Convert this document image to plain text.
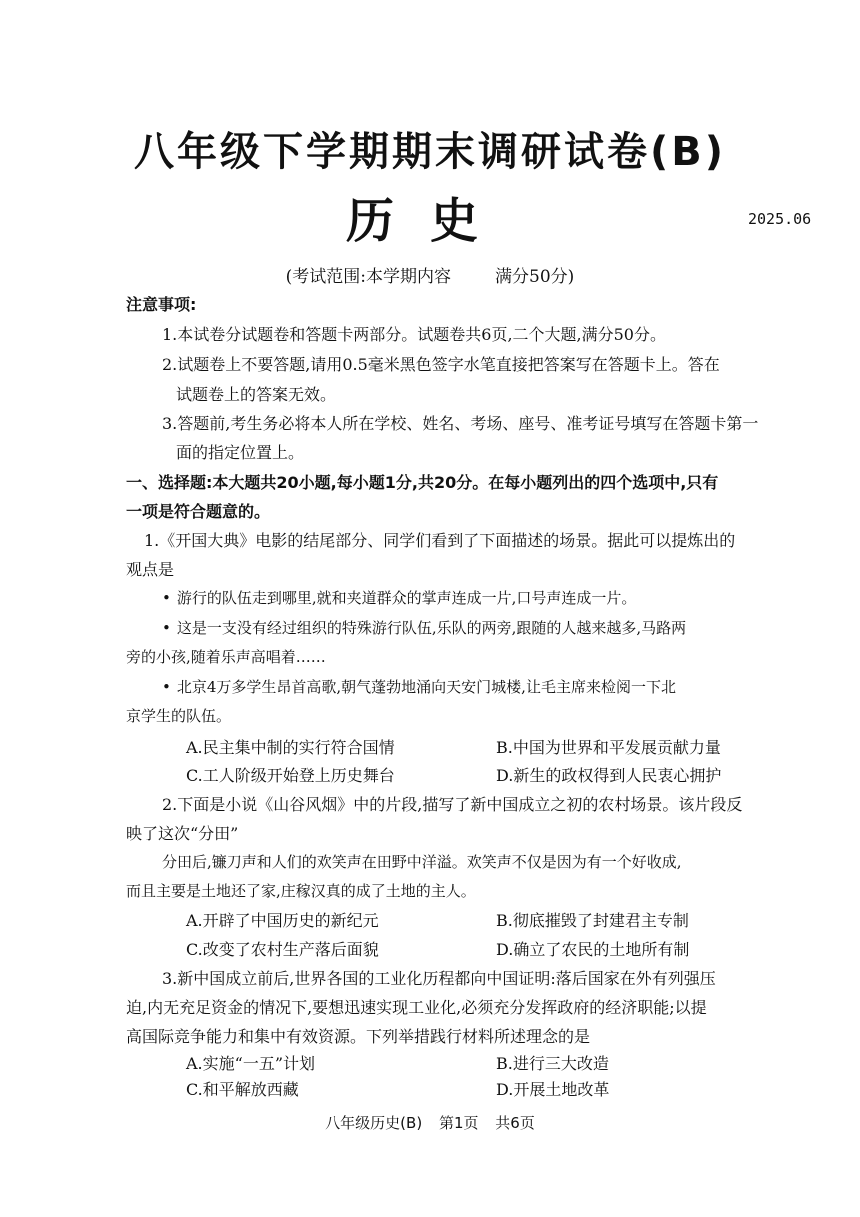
八年级下学期期末调研试卷(B)
历史	2025.06
(考试范围:本学期内容	满分50分)
注意事项:
1.本试卷分试题卷和答题卡两部分。试题卷共6页,二个大题,满分50分。
2.试题卷上不要答题,请用0.5毫米黑色签字水笔直接把答案写在答题卡上。答在
试题卷上的答案无效。
3.答题前,考生务必将本人所在学校、姓名、考场、座号、准考证号填写在答题卡第一
面的指定位置上。
一、选择题:本大题共20小题,每小题1分,共20分。在每小题列出的四个选项中,只有
一项是符合题意的。
1.《开国大典》电影的结尾部分、同学们看到了下面描述的场景。据此可以提炼出的
观点是
• 游行的队伍走到哪里,就和夹道群众的掌声连成一片,口号声连成一片。
• 这是一支没有经过组织的特殊游行队伍,乐队的两旁,跟随的人越来越多,马路两
旁的小孩,随着乐声高唱着……
• 北京4万多学生昂首高歌,朝气蓬勃地涌向天安门城楼,让毛主席来检阅一下北
京学生的队伍。
A.民主集中制的实行符合国情	B.中国为世界和平发展贡献力量
C.工人阶级开始登上历史舞台	D.新生的政权得到人民衷心拥护
2.下面是小说《山谷风烟》中的片段,描写了新中国成立之初的农村场景。该片段反
映了这次“分田”
分田后,镰刀声和人们的欢笑声在田野中洋溢。欢笑声不仅是因为有一个好收成,
而且主要是土地还了家,庄稼汉真的成了土地的主人。
A.开辟了中国历史的新纪元	B.彻底摧毁了封建君主专制
C.改变了农村生产落后面貌	D.确立了农民的土地所有制
3.新中国成立前后,世界各国的工业化历程都向中国证明:落后国家在外有列强压
迫,内无充足资金的情况下,要想迅速实现工业化,必须充分发挥政府的经济职能;以提
高国际竞争能力和集中有效资源。下列举措践行材料所述理念的是
A.实施“一五”计划	B.进行三大改造
C.和平解放西藏	D.开展土地改革
八年级历史(B) 第1页 共6页
